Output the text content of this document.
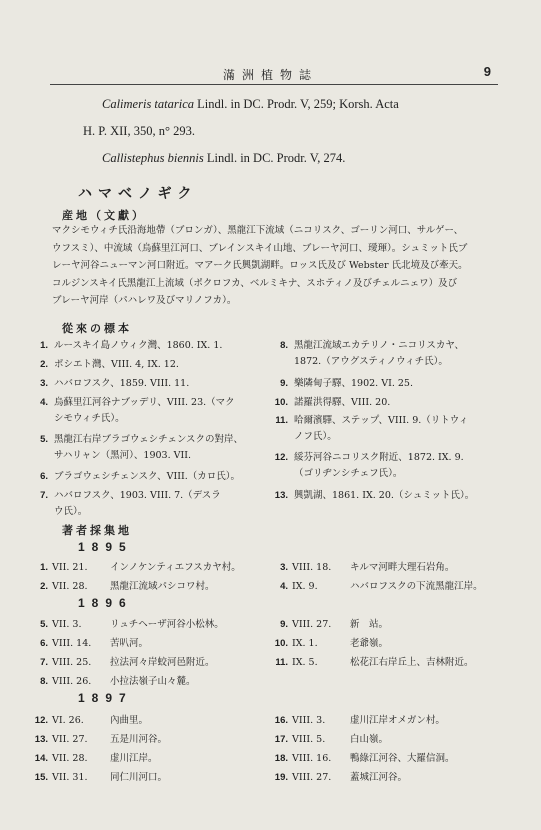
滿洲植物誌	9
Calimeris tatarica Lindl. in DC. Prodr. V, 259; Korsh. Acta
H. P. XII, 350, n° 293.
Callistephus biennis Lindl. in DC. Prodr. V, 274.
ハマベノギク
産地（文獻）
マクシモウィチ氏沿海地帶（ブロンガ）、黑龍江下流域（ニコリスク、ゴーリン河口、サルゲー、
ウフスミ）、中流域（烏蘇里江河口、ブレインスキイ山地、ブレーヤ河口、璦琿）。シュミット氏ブ
レーヤ河谷ニューマン河口附近。マアーク氏興凱湖畔。ロッス氏及び Webster 氏北境及び牽天。
コルジンスキイ氏黑龍江上流域（ポクロフカ、ベルミキナ、スホティノ及びチェルニェワ）及び
ブレーヤ河岸（パハレワ及びマリノフカ）。
從來の標本
1. ルースキイ島ノウィク灣、1860. IX. 1.
2. ポシエト灣、VIII. 4, IX. 12.
3. ハバロフスク、1859. VIII. 11.
4. 烏蘇里江河谷ナブッデリ、VIII. 23.（マク
シモウィチ氏）。
5. 黑龍江右岸ブラゴウェシチェンスクの對岸、
サハリャン（黑河）、1903. VII.
6. ブラゴウェシチェンスク、VIII.（カロ氏）。
7. ハバロフスク、1903. VIII. 7.（デスラ
ウ氏）。
8. 黑龍江流域エカテリノ・ニコリスカヤ、
1872.（アウグスティノウィチ氏）。
9. 樂隣甸子驛、1902. VI. 25.
10. 諾羅洪得驛、VIII. 20.
11. 哈爾濱驛、ステップ、VIII. 9.（リトウィ
ノフ氏）。
12. 綏芬河谷ニコリスク附近、1872. IX. 9.
（ゴリヂンシチェフ氏）。
13. 興凱湖、1861. IX. 20.（シュミット氏）。
著者採集地
1895
1. VII. 21. インノケンティエフスカヤ村。
2. VII. 28. 黑龍江流域パシコワ村。
3. VIII. 18. キルマ河畔大理石岩角。
4. IX. 9.	ハバロフスクの下流黑龍江岸。
1896
5. VII. 3.	リュチヘーザ河谷小松林。
6. VIII. 14. 苦叭河。
7. VIII. 25. 拉法河々岸蛟河邑附近。
8. VIII. 26. 小拉法嶺子山々麓。
9. VIII. 27. 新　站。
10. IX. 1.	老爺嶺。
11. IX. 5.	松花江右岸丘上、吉林附近。
1897
12. VI. 26.	內曲里。
13. VII. 27. 五是川河谷。
14. VII. 28. 虚川江岸。
15. VII. 31. 同仁川河口。
16. VIII. 3.	虚川江岸オメガン村。
17. VIII. 5.	白山嶺。
18. VIII. 16. 鴨綠江河谷、大羅信洞。
19. VIII. 27. 蓋城江河谷。
